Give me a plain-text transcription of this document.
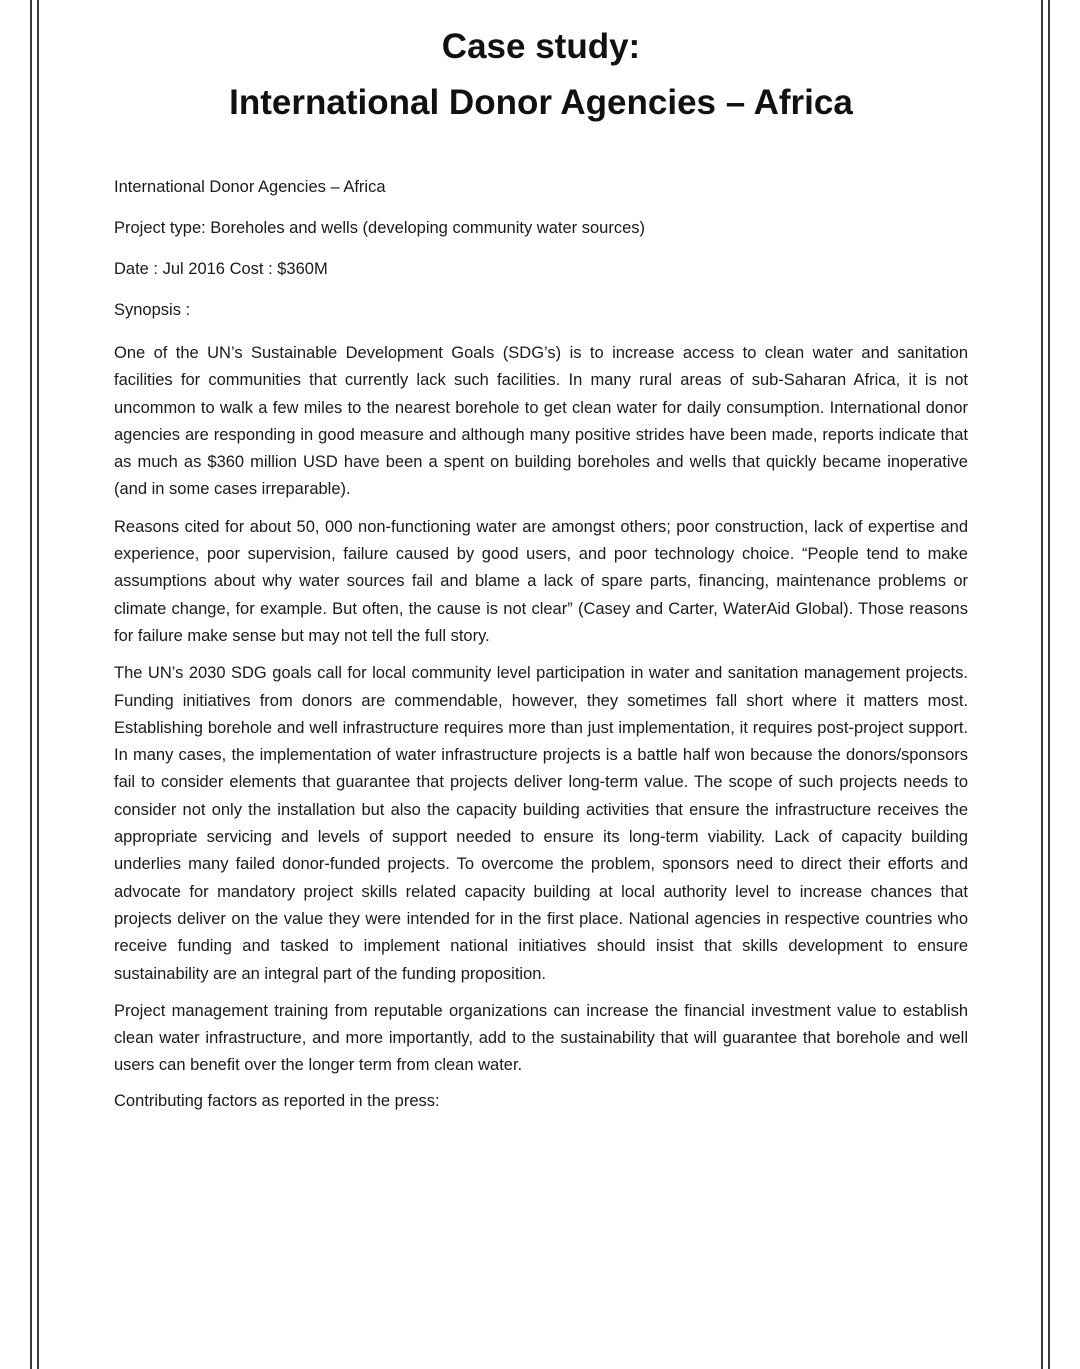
Case study:
International Donor Agencies – Africa

International Donor Agencies – Africa

Project type: Boreholes and wells (developing community water sources)

Date : Jul 2016 Cost : $360M

Synopsis :

One of the UN’s Sustainable Development Goals (SDG’s) is to increase access to clean water and sanitation facilities for communities that currently lack such facilities. In many rural areas of sub-Saharan Africa, it is not uncommon to walk a few miles to the nearest borehole to get clean water for daily consumption. International donor agencies are responding in good measure and although many positive strides have been made, reports indicate that as much as $360 million USD have been a spent on building boreholes and wells that quickly became inoperative (and in some cases irreparable).

Reasons cited for about 50, 000 non-functioning water are amongst others; poor construction, lack of expertise and experience, poor supervision, failure caused by good users, and poor technology choice. “People tend to make assumptions about why water sources fail and blame a lack of spare parts, financing, maintenance problems or climate change, for example. But often, the cause is not clear” (Casey and Carter, WaterAid Global). Those reasons for failure make sense but may not tell the full story.

The UN’s 2030 SDG goals call for local community level participation in water and sanitation management projects. Funding initiatives from donors are commendable, however, they sometimes fall short where it matters most. Establishing borehole and well infrastructure requires more than just implementation, it requires post-project support. In many cases, the implementation of water infrastructure projects is a battle half won because the donors/sponsors fail to consider elements that guarantee that projects deliver long-term value. The scope of such projects needs to consider not only the installation but also the capacity building activities that ensure the infrastructure receives the appropriate servicing and levels of support needed to ensure its long-term viability. Lack of capacity building underlies many failed donor-funded projects. To overcome the problem, sponsors need to direct their efforts and advocate for mandatory project skills related capacity building at local authority level to increase chances that projects deliver on the value they were intended for in the first place. National agencies in respective countries who receive funding and tasked to implement national initiatives should insist that skills development to ensure sustainability are an integral part of the funding proposition.

Project management training from reputable organizations can increase the financial investment value to establish clean water infrastructure, and more importantly, add to the sustainability that will guarantee that borehole and well users can benefit over the longer term from clean water.

Contributing factors as reported in the press:
